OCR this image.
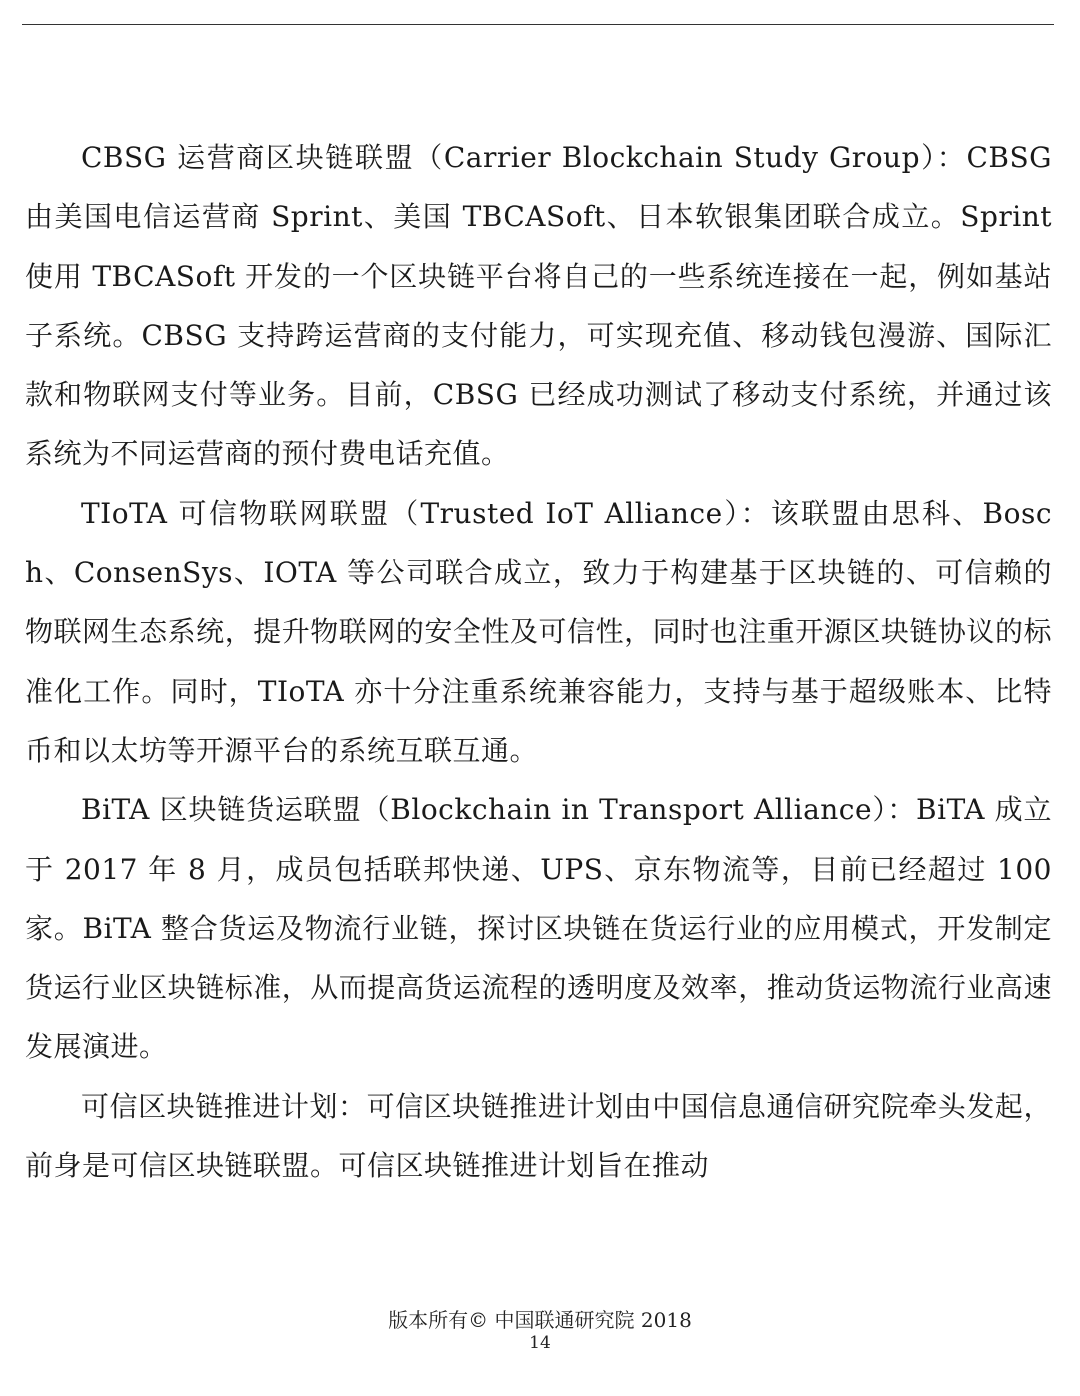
CBSG 运营商区块链联盟（Carrier Blockchain Study Group）：CBSG 由美国电信运营商 Sprint、美国 TBCASoft、日本软银集团联合成立。Sprint 使用 TBCASoft 开发的一个区块链平台将自己的一些系统连接在一起，例如基站子系统。CBSG 支持跨运营商的支付能力，可实现充值、移动钱包漫游、国际汇款和物联网支付等业务。目前，CBSG 已经成功测试了移动支付系统，并通过该系统为不同运营商的预付费电话充值。

TIoTA 可信物联网联盟（Trusted IoT Alliance）：该联盟由思科、Bosch、ConsenSys、IOTA 等公司联合成立，致力于构建基于区块链的、可信赖的物联网生态系统，提升物联网的安全性及可信性，同时也注重开源区块链协议的标准化工作。同时，TIoTA 亦十分注重系统兼容能力，支持与基于超级账本、比特币和以太坊等开源平台的系统互联互通。

BiTA 区块链货运联盟（Blockchain in Transport Alliance）：BiTA 成立于 2017 年 8 月，成员包括联邦快递、UPS、京东物流等，目前已经超过 100 家。BiTA 整合货运及物流行业链，探讨区块链在货运行业的应用模式，开发制定货运行业区块链标准，从而提高货运流程的透明度及效率，推动货运物流行业高速发展演进。

可信区块链推进计划：可信区块链推进计划由中国信息通信研究院牵头发起，前身是可信区块链联盟。可信区块链推进计划旨在推动

版本所有© 中国联通研究院 2018
14
